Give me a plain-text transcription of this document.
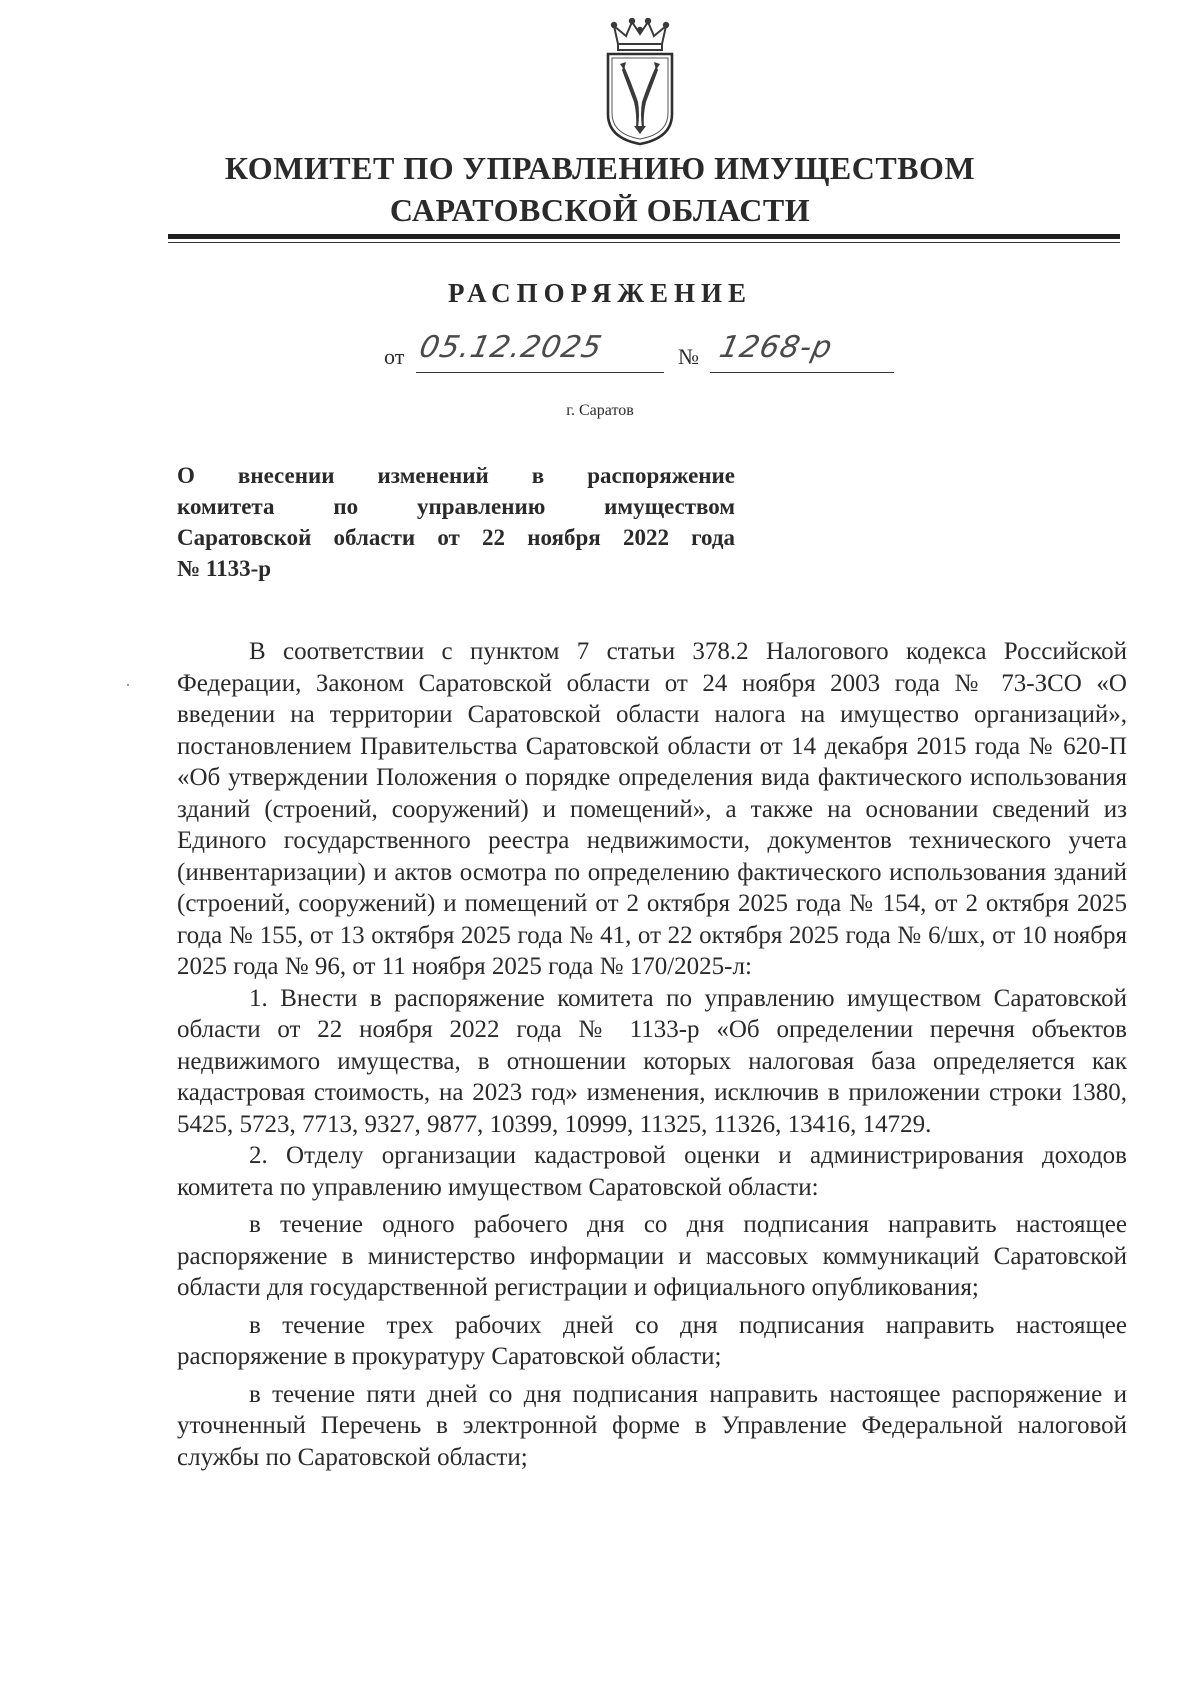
КОМИТЕТ ПО УПРАВЛЕНИЮ ИМУЩЕСТВОМ
САРАТОВСКОЙ ОБЛАСТИ
РАСПОРЯЖЕНИЕ
от 05.12.2025	№ 1268-р

г. Саратов

О внесении изменений в распоряжение
комитета по управлению имуществом
Саратовской области от 22 ноября 2022 года
№ 1133-р

В соответствии с пунктом 7 статьи 378.2 Налогового кодекса Российской Федерации, Законом Саратовской области от 24 ноября 2003 года № 73-ЗСО «О введении на территории Саратовской области налога на имущество организаций», постановлением Правительства Саратовской области от 14 декабря 2015 года № 620-П «Об утверждении Положения о порядке определения вида фактического использования зданий (строений, сооружений) и помещений», а также на основании сведений из Единого государственного реестра недвижимости, документов технического учета (инвентаризации) и актов осмотра по определению фактического использования зданий (строений, сооружений) и помещений от 2 октября 2025 года № 154, от 2 октября 2025 года № 155, от 13 октября 2025 года № 41, от 22 октября 2025 года № 6/шх, от 10 ноября 2025 года № 96, от 11 ноября 2025 года № 170/2025-л:

1. Внести в распоряжение комитета по управлению имуществом Саратовской области от 22 ноября 2022 года № 1133-р «Об определении перечня объектов недвижимого имущества, в отношении которых налоговая база определяется как кадастровая стоимость, на 2023 год» изменения, исключив в приложении строки 1380, 5425, 5723, 7713, 9327, 9877, 10399, 10999, 11325, 11326, 13416, 14729.

2. Отделу организации кадастровой оценки и администрирования доходов комитета по управлению имуществом Саратовской области:

в течение одного рабочего дня со дня подписания направить настоящее распоряжение в министерство информации и массовых коммуникаций Саратовской области для государственной регистрации и официального опубликования;

в течение трех рабочих дней со дня подписания направить настоящее распоряжение в прокуратуру Саратовской области;

в течение пяти дней со дня подписания направить настоящее распоряжение и уточненный Перечень в электронной форме в Управление Федеральной налоговой службы по Саратовской области;
